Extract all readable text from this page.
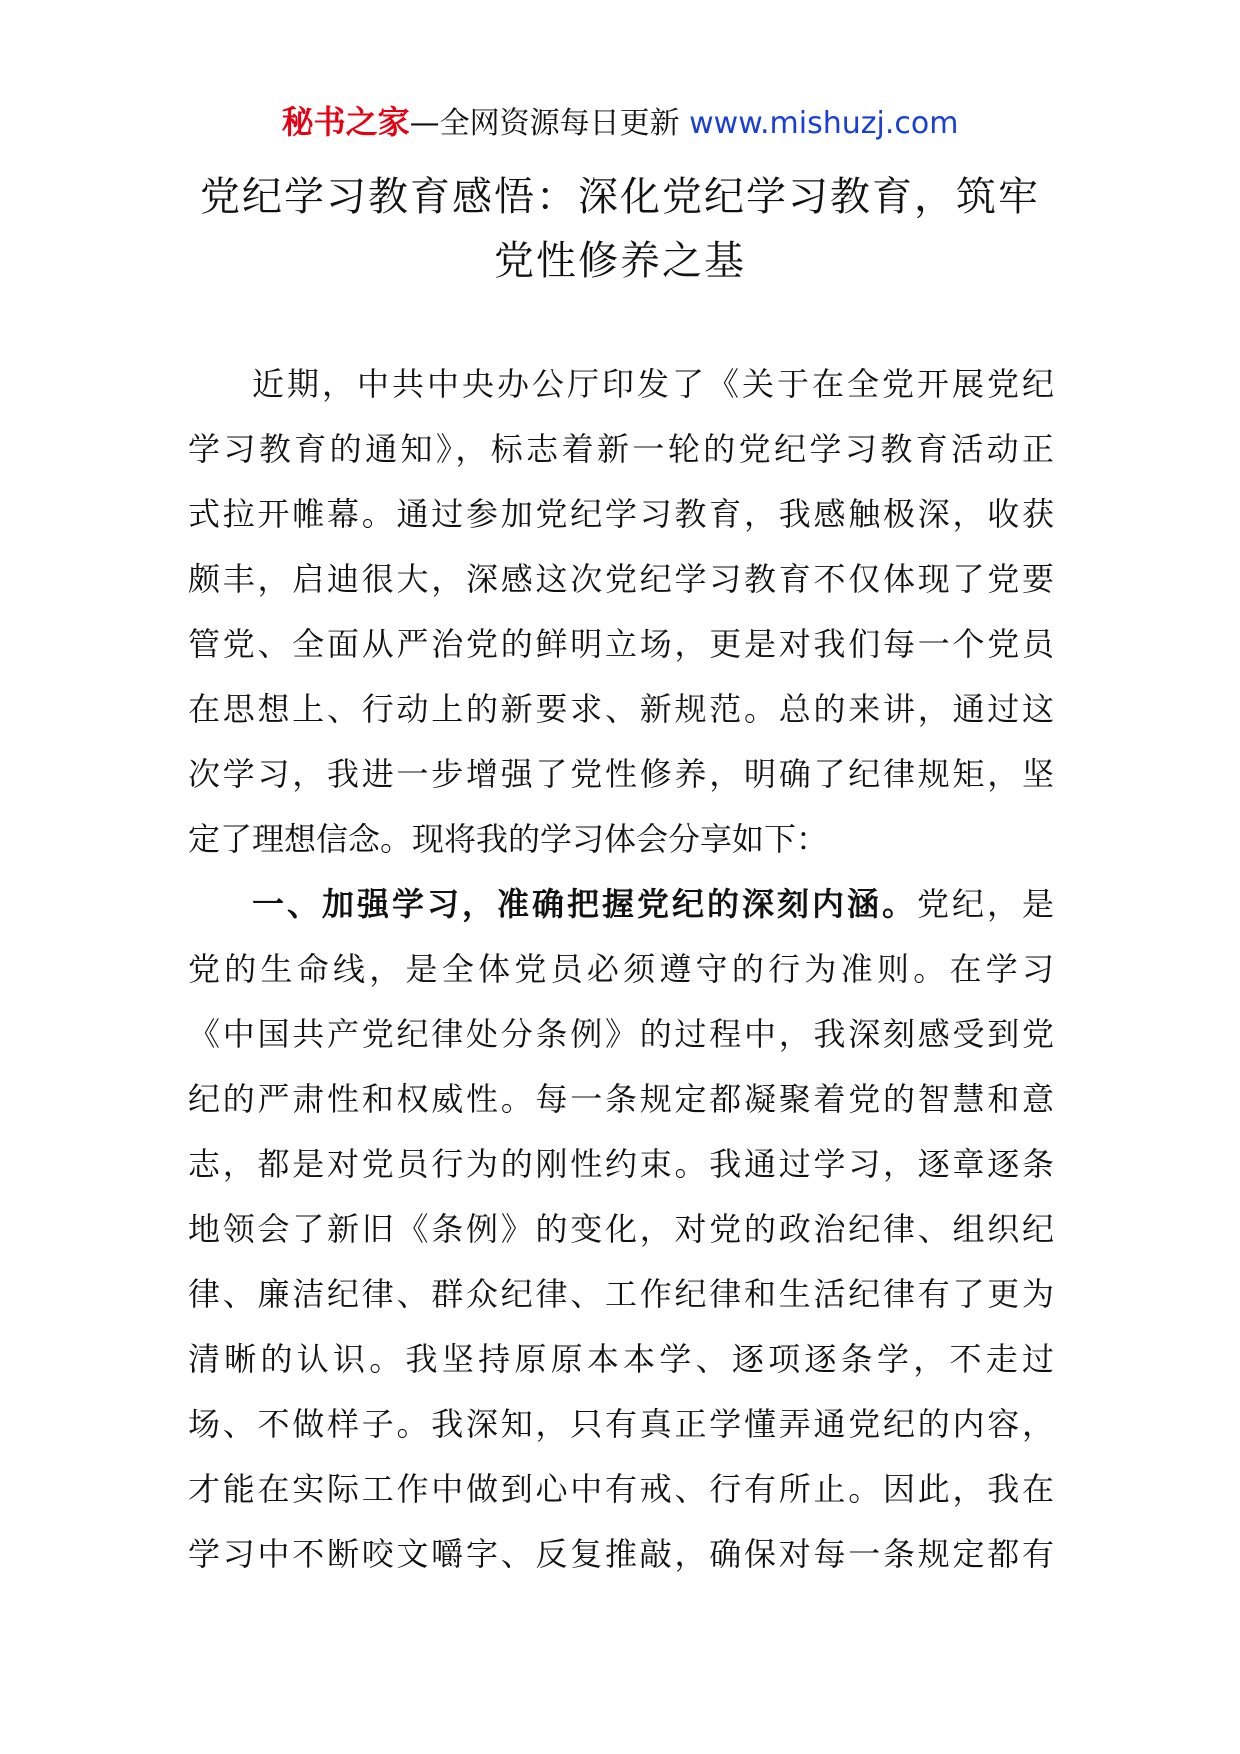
秘书之家—全网资源每日更新 www.mishuzj.com
党纪学习教育感悟：深化党纪学习教育，筑牢
党性修养之基
近期，中共中央办公厅印发了《关于在全党开展党纪
学习教育的通知》，标志着新一轮的党纪学习教育活动正
式拉开帷幕。通过参加党纪学习教育，我感触极深，收获
颇丰，启迪很大，深感这次党纪学习教育不仅体现了党要
管党、全面从严治党的鲜明立场，更是对我们每一个党员
在思想上、行动上的新要求、新规范。总的来讲，通过这
次学习，我进一步增强了党性修养，明确了纪律规矩，坚
定了理想信念。现将我的学习体会分享如下：
一、加强学习，准确把握党纪的深刻内涵。党纪，是
党的生命线，是全体党员必须遵守的行为准则。在学习
《中国共产党纪律处分条例》的过程中，我深刻感受到党
纪的严肃性和权威性。每一条规定都凝聚着党的智慧和意
志，都是对党员行为的刚性约束。我通过学习，逐章逐条
地领会了新旧《条例》的变化，对党的政治纪律、组织纪
律、廉洁纪律、群众纪律、工作纪律和生活纪律有了更为
清晰的认识。我坚持原原本本学、逐项逐条学，不走过
场、不做样子。我深知，只有真正学懂弄通党纪的内容，
才能在实际工作中做到心中有戒、行有所止。因此，我在
学习中不断咬文嚼字、反复推敲，确保对每一条规定都有
